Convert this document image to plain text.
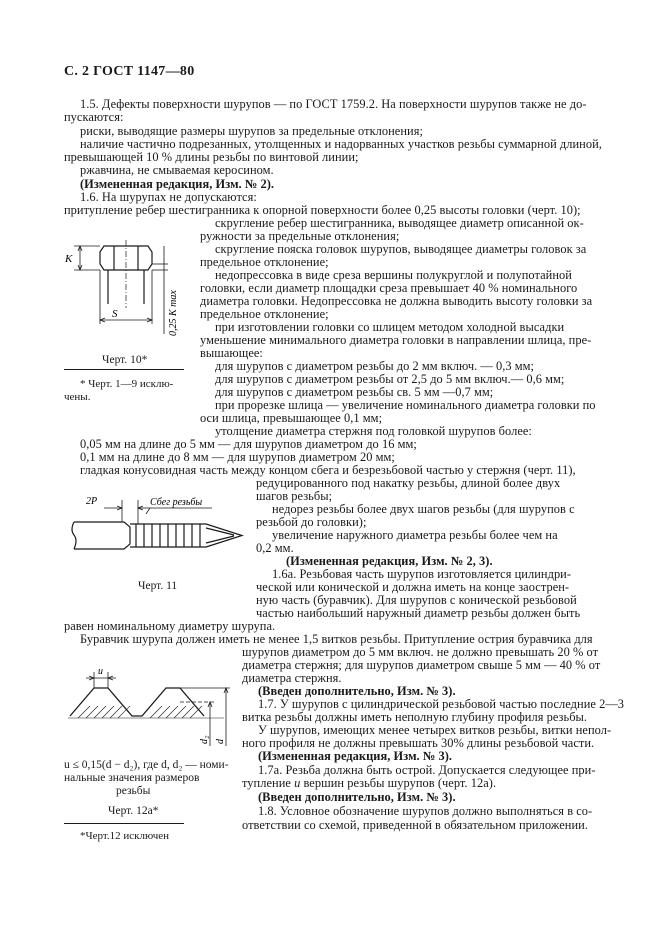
С. 2 ГОСТ 1147—80
1.5. Дефекты поверхности шурупов — по ГОСТ 1759.2. На поверхности шурупов также не до-
пускаются:
риски, выводящие размеры шурупов за предельные отклонения;
наличие частично подрезанных, утолщенных и надорванных участков резьбы суммарной длиной,
превышающей 10 % длины резьбы по винтовой линии;
ржавчина, не смываемая керосином.
(Измененная редакция, Изм. № 2).
1.6. На шурупах не допускаются:
притупление ребер шестигранника к опорной поверхности более 0,25 высоты головки (черт. 10);
скругление ребер шестигранника, выводящее диаметр описанной ок-
ружности за предельные отклонения;
скругление пояска головок шурупов, выводящее диаметры головок за
предельное отклонение;
недопрессовка в виде среза вершины полукруглой и полупотайной
головки, если диаметр площадки среза превышает 40 % номинального
диаметра головки. Недопрессовка не должна выводить высоту головки за
предельное отклонение;
при изготовлении головки со шлицем методом холодной высадки
уменьшение минимального диаметра головки в направлении шлица, пре-
вышающее:
для шурупов с диаметром резьбы до 2 мм включ. — 0,3 мм;
для шурупов с диаметром резьбы от 2,5 до 5 мм включ.— 0,6 мм;
для шурупов с диаметром резьбы св. 5 мм —0,7 мм;
при прорезке шлица — увеличение номинального диаметра головки по
оси шлица, превышающее 0,1 мм;
утолщение диаметра стержня под головкой шурупов более:
K
S	0,25 K max
Черт. 10*
* Черт. 1—9 исклю-
чены.
0,05 мм на длине до 5 мм — для шурупов диаметром до 16 мм;
0,1 мм на длине до 8 мм — для шурупов диаметром 20 мм;
гладкая конусовидная часть между концом сбега и безрезьбовой частью у стержня (черт. 11),
редуцированного под накатку резьбы, длиной более двух
шагов резьбы;
недорез резьбы более двух шагов резьбы (для шурупов с
резьбой до головки);
увеличение наружного диаметра резьбы более чем на
0,2 мм.
(Измененная редакция, Изм. № 2, 3).
1.6а. Резьбовая часть шурупов изготовляется цилиндри-
ческой или конической и должна иметь на конце заострен-
ную часть (буравчик). Для шурупов с конической резьбовой
частью наибольший наружный диаметр резьбы должен быть
2P	Сбег резьбы
Черт. 11
равен номинальному диаметру шурупа.
Буравчик шурупа должен иметь не менее 1,5 витков резьбы. Притупление острия буравчика для
шурупов диаметром до 5 мм включ. не должно превышать 20 % от
диаметра стержня; для шурупов диаметром свыше 5 мм — 40 % от
диаметра стержня.
(Введен дополнительно, Изм. № 3).
1.7. У шурупов с цилиндрической резьбовой частью последние 2—3
витка резьбы должны иметь неполную глубину профиля резьбы.
У шурупов, имеющих менее четырех витков резьбы, витки непол-
ного профиля не должны превышать 30% длины резьбовой части.
(Измененная редакция, Изм. № 3).
1.7а. Резьба должна быть острой. Допускается следующее при-
тупление u вершин резьбы шурупов (черт. 12а).
(Введен дополнительно, Изм. № 3).
1.8. Условное обозначение шурупов должно выполняться в со-
ответствии со схемой, приведенной в обязательном приложении.
u
d₂ d
u ≤ 0,15(d − d₂), где d, d₂ — номи-
нальные значения размеров
резьбы
Черт. 12а*
*Черт.12 исключен
